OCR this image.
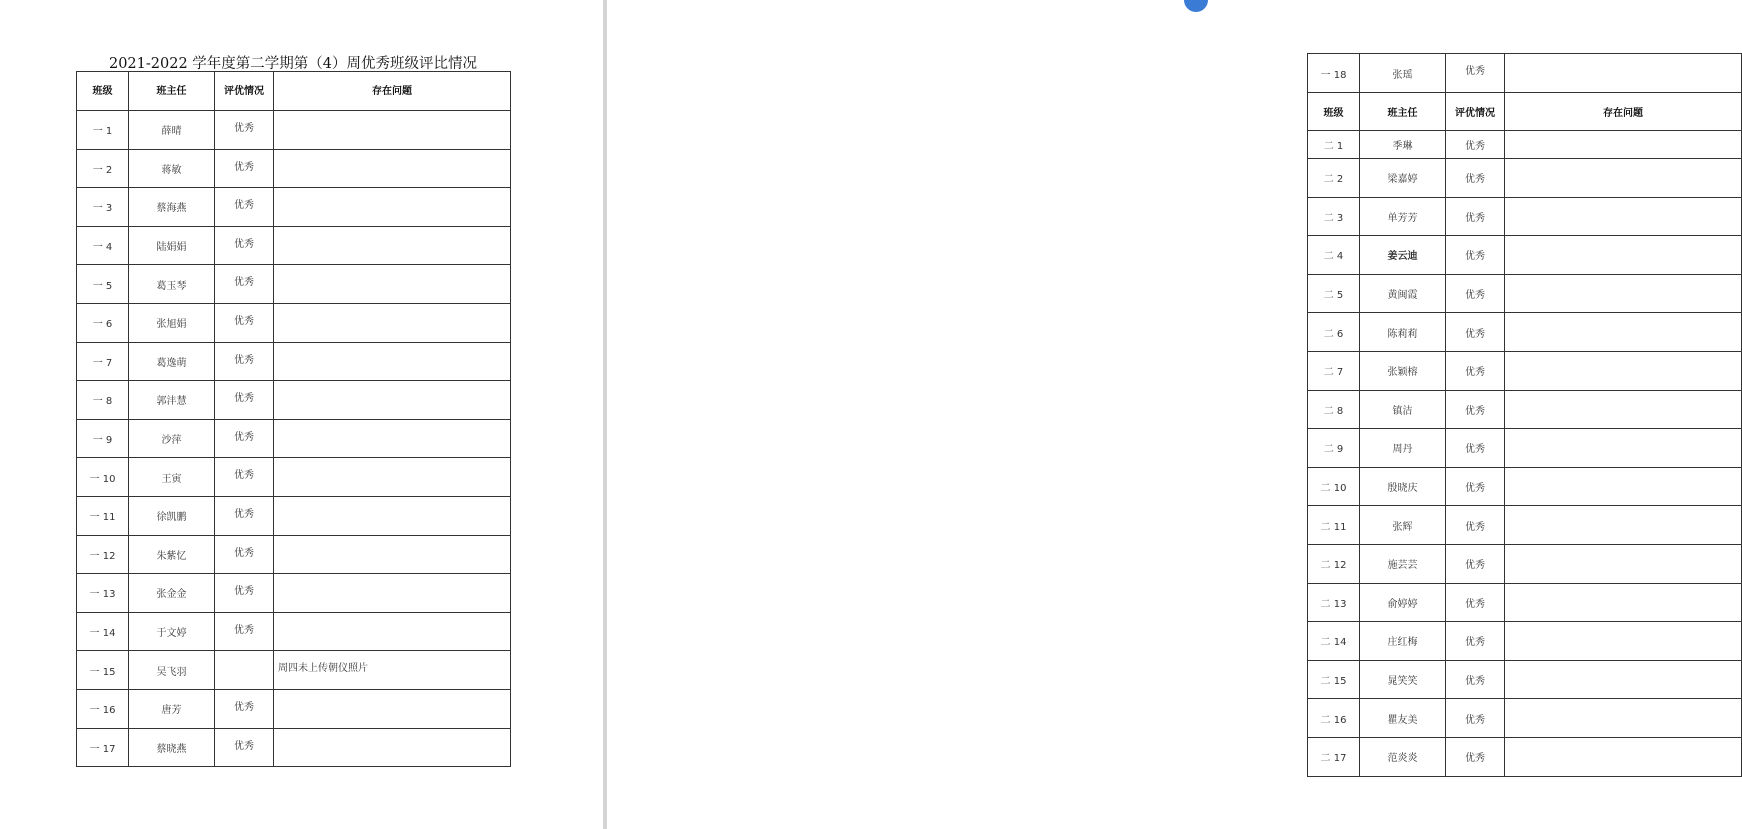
2021-2022 学年度第二学期第（4）周优秀班级评比情况
班级	班主任	评优情况	存在问题
一 1	薛晴	优秀	
一 2	蒋敏	优秀	
一 3	蔡海燕	优秀	
一 4	陆娟娟	优秀	
一 5	葛玉琴	优秀	
一 6	张旭娟	优秀	
一 7	葛逸萌	优秀	
一 8	郭沣慧	优秀	
一 9	沙萍	优秀	
一 10	王寅	优秀	
一 11	徐凯鹏	优秀	
一 12	朱紫忆	优秀	
一 13	张金金	优秀	
一 14	于文婷	优秀	
一 15	吴飞羽		周四未上传朝仪照片
一 16	唐芳	优秀	
一 17	蔡晓燕	优秀	
一 18	张瑶	优秀	
班级	班主任	评优情况	存在问题
二 1	季琳	优秀	
二 2	梁嘉婷	优秀	
二 3	单芳芳	优秀	
二 4	姜云迪	优秀	
二 5	黄闽霞	优秀	
二 6	陈莉莉	优秀	
二 7	张颖榕	优秀	
二 8	镇洁	优秀	
二 9	周丹	优秀	
二 10	殷晓庆	优秀	
二 11	张辉	优秀	
二 12	施芸芸	优秀	
二 13	俞婷婷	优秀	
二 14	庄红梅	优秀	
二 15	晁笑笑	优秀	
二 16	瞿友美	优秀	
二 17	范炎炎	优秀	
